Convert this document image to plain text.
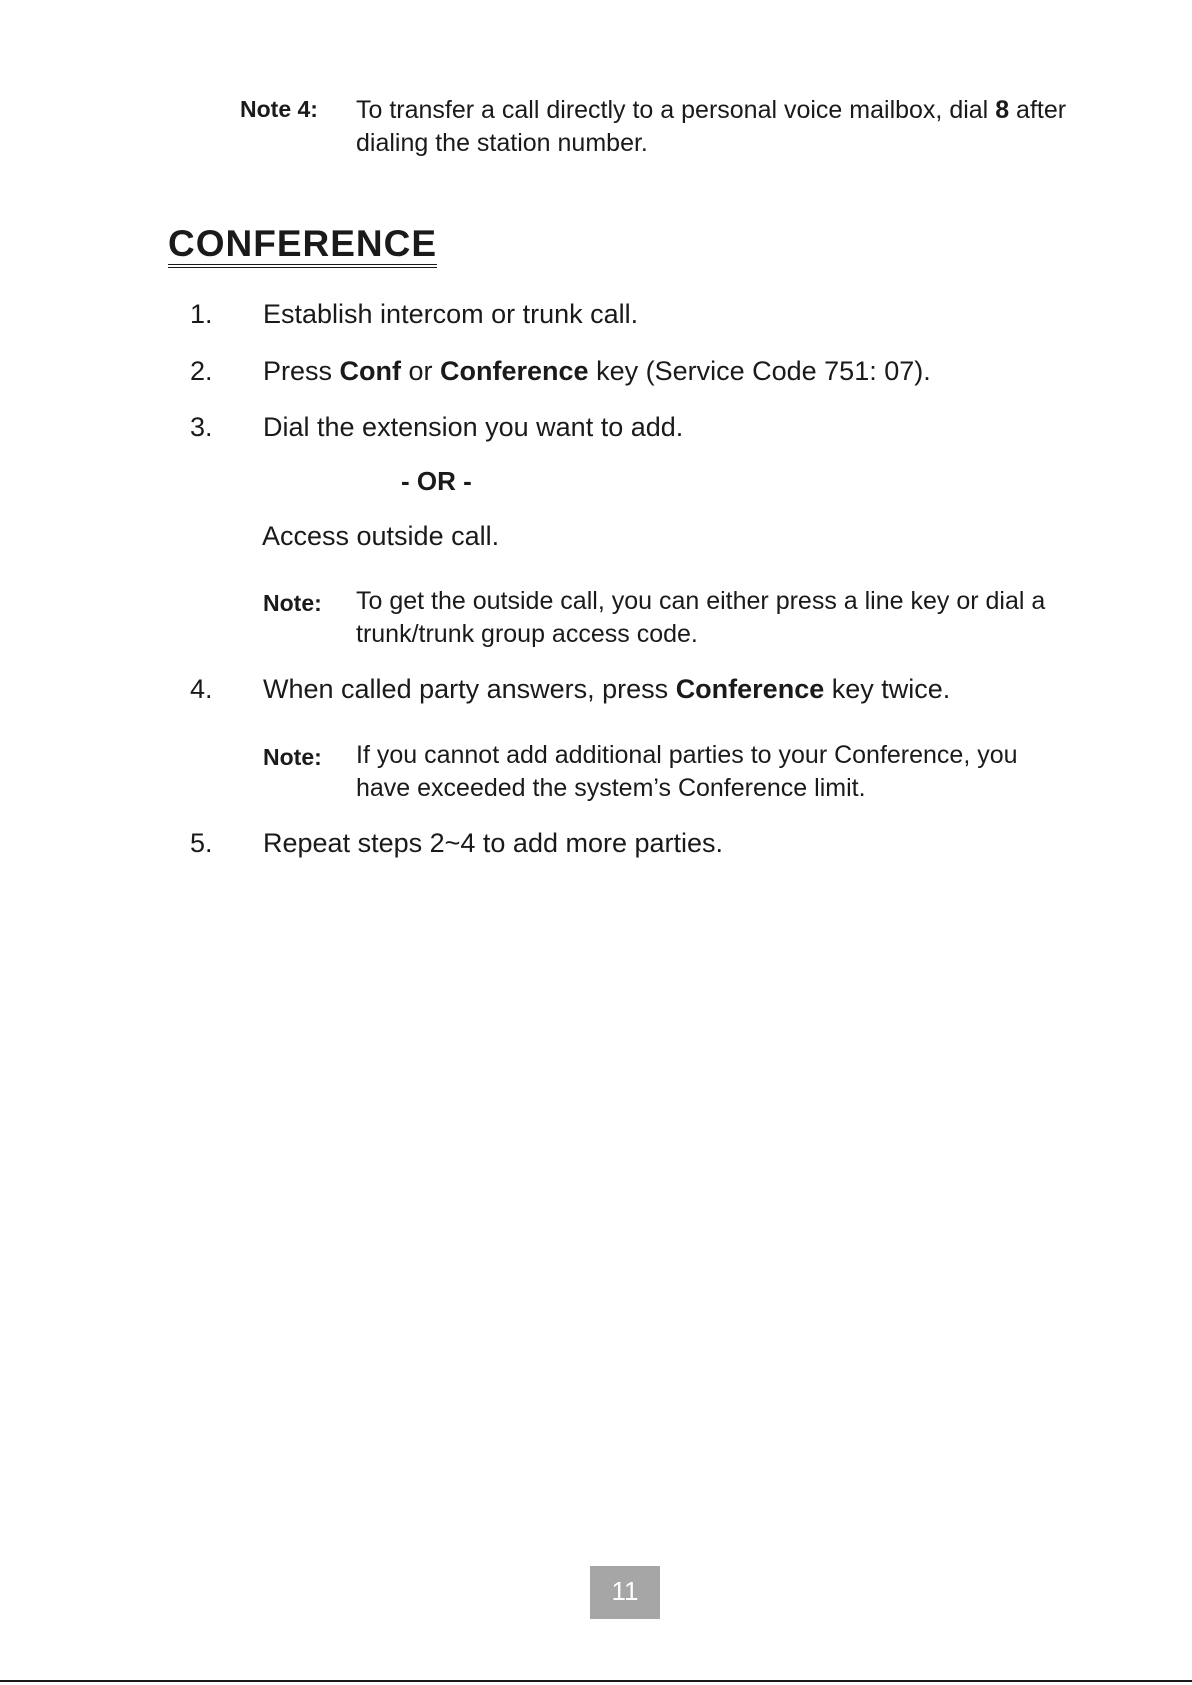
Note 4: To transfer a call directly to a personal voice mailbox, dial 8 after dialing the station number.
CONFERENCE
1. Establish intercom or trunk call.
2. Press Conf or Conference key (Service Code 751: 07).
3. Dial the extension you want to add.
- OR -
Access outside call.
Note: To get the outside call, you can either press a line key or dial a trunk/trunk group access code.
4. When called party answers, press Conference key twice.
Note: If you cannot add additional parties to your Conference, you have exceeded the system’s Conference limit.
5. Repeat steps 2~4 to add more parties.
11
